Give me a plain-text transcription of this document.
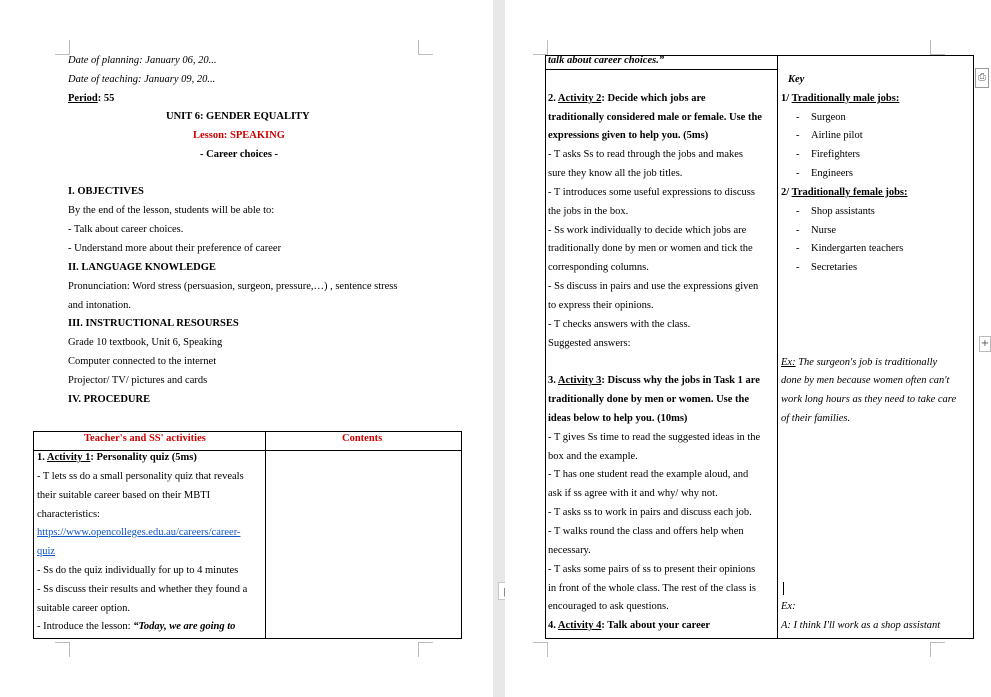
Date of planning: January 06, 20...
Date of teaching: January 09, 20...
Period: 55
UNIT 6: GENDER EQUALITY
Lesson: SPEAKING
- Career choices -
I. OBJECTIVES
By the end of the lesson, students will be able to:
- Talk about career choices.
- Understand more about their preference of career
II. LANGUAGE KNOWLEDGE
Pronunciation: Word stress (persuasion, surgeon, pressure,…) , sentence stress
and intonation.
III. INSTRUCTIONAL RESOURSES
Grade 10 textbook, Unit 6, Speaking
Computer connected to the internet
Projector/ TV/ pictures and cards
IV. PROCEDURE
Teacher's and SS' activities	Contents
1. Activity 1: Personality quiz (5ms)
- T lets ss do a small personality quiz that reveals
their suitable career based on their MBTI
characteristics:
https://www.opencolleges.edu.au/careers/career-
quiz
- Ss do the quiz individually for up to 4 minutes
- Ss discuss their results and whether they found a
suitable career option.
- Introduce the lesson: “Today, we are going to
talk about career choices.”
Key
2. Activity 2: Decide which jobs are
traditionally considered male or female. Use the
expressions given to help you. (5ms)
- T asks Ss to read through the jobs and makes
sure they know all the job titles.
- T introduces some useful expressions to discuss
the jobs in the box.
- Ss work individually to decide which jobs are
traditionally done by men or women and tick the
corresponding columns.
- Ss discuss in pairs and use the expressions given
to express their opinions.
- T checks answers with the class.
Suggested answers:
3. Activity 3: Discuss why the jobs in Task 1 are
traditionally done by men or women. Use the
ideas below to help you. (10ms)
- T gives Ss time to read the suggested ideas in the
box and the example.
- T has one student read the example aloud, and
ask if ss agree with it and why/ why not.
- T asks ss to work in pairs and discuss each job.
- T walks round the class and offers help when
necessary.
- T asks some pairs of ss to present their opinions
in front of the whole class. The rest of the class is
encouraged to ask questions.
4. Activity 4: Talk about your career
1/ Traditionally male jobs:
- Surgeon
- Airline pilot
- Firefighters
- Engineers
2/ Traditionally female jobs:
- Shop assistants
- Nurse
- Kindergarten teachers
- Secretaries
Ex: The surgeon's job is traditionally
done by men because women often can't
work long hours as they need to take care
of their families.
Ex:
A: I think I'll work as a shop assistant
⎙
+
